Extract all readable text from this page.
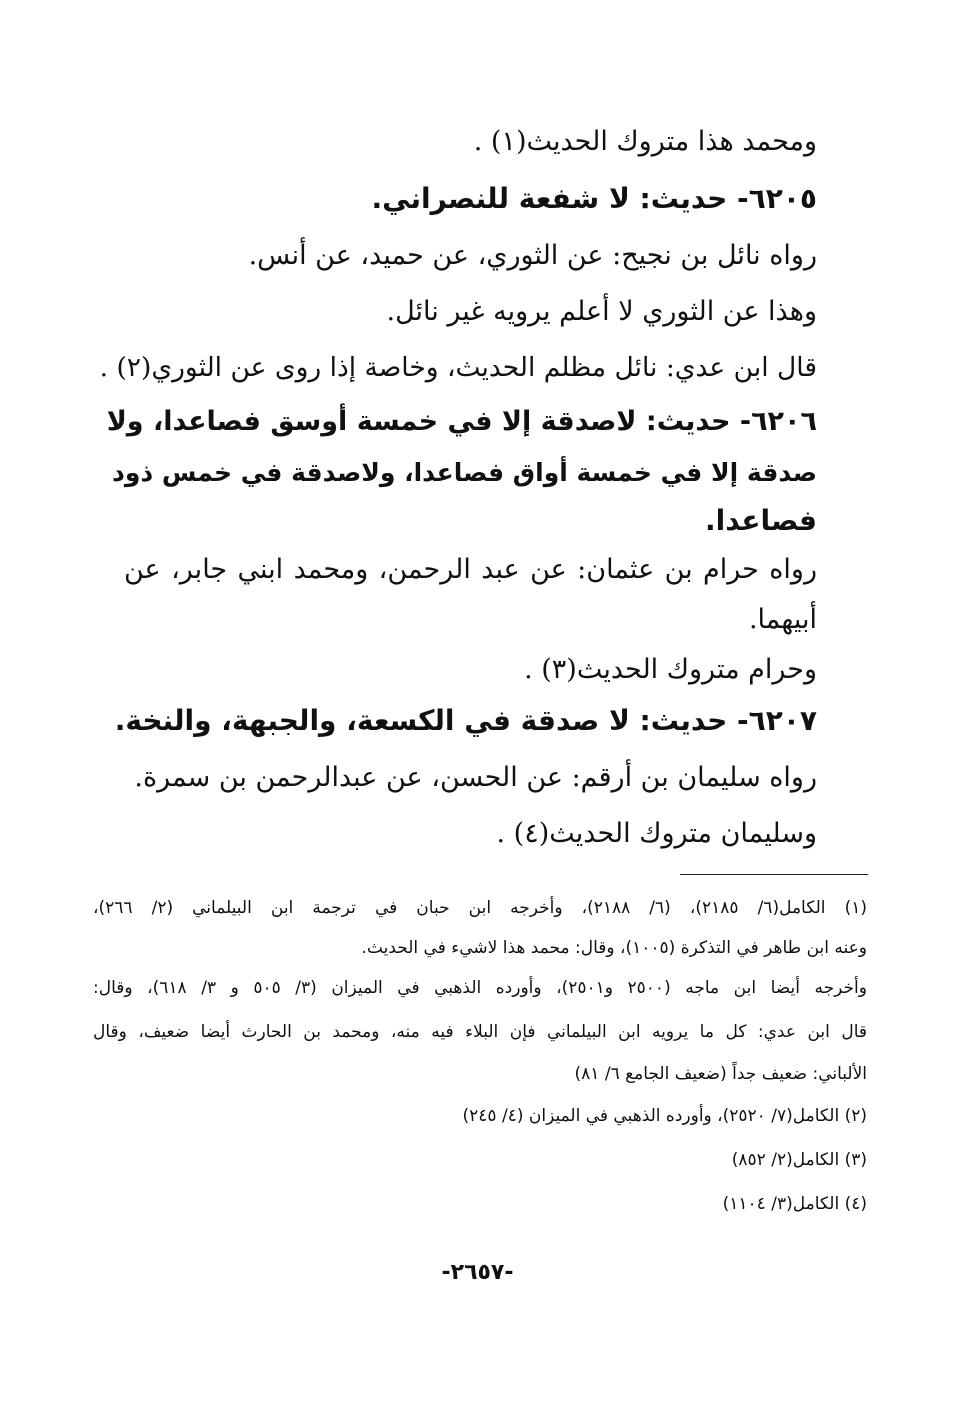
ومحمد هذا متروك الحديث(١) .
٦٢٠٥- حديث: لا شفعة للنصراني.
رواه نائل بن نجيح: عن الثوري، عن حميد، عن أنس.
وهذا عن الثوري لا أعلم يرويه غير نائل.
قال ابن عدي: نائل مظلم الحديث، وخاصة إذا روى عن الثوري(٢) .
٦٢٠٦- حديث: لاصدقة إلا في خمسة أوسق فصاعدا، ولا
صدقة إلا في خمسة أواق فصاعدا، ولاصدقة في خمس ذود
فصاعدا.
رواه حرام بن عثمان: عن عبد الرحمن، ومحمد ابني جابر، عن
أبيهما.
وحرام متروك الحديث(٣) .
٦٢٠٧- حديث: لا صدقة في الكسعة، والجبهة، والنخة.
رواه سليمان بن أرقم: عن الحسن، عن عبدالرحمن بن سمرة.
وسليمان متروك الحديث(٤) .
(١) الكامل(٦/ ٢١٨٥)، (٦/ ٢١٨٨)، وأخرجه ابن حبان في ترجمة ابن البيلماني (٢/ ٢٦٦)،
وعنه ابن طاهر في التذكرة (١٠٠٥)، وقال: محمد هذا لاشيء في الحديث.
وأخرجه أيضا ابن ماجه (٢٥٠٠ و٢٥٠١)، وأورده الذهبي في الميزان (٣/ ٥٠٥ و ٣/ ٦١٨)، وقال:
قال ابن عدي: كل ما يرويه ابن البيلماني فإن البلاء فيه منه، ومحمد بن الحارث أيضا ضعيف، وقال
الألباني: ضعيف جداً (ضعيف الجامع ٦/ ٨١)
(٢) الكامل(٧/ ٢٥٢٠)، وأورده الذهبي في الميزان (٤/ ٢٤٥)
(٣) الكامل(٢/ ٨٥٢)
(٤) الكامل(٣/ ١١٠٤)
-٢٦٥٧-
